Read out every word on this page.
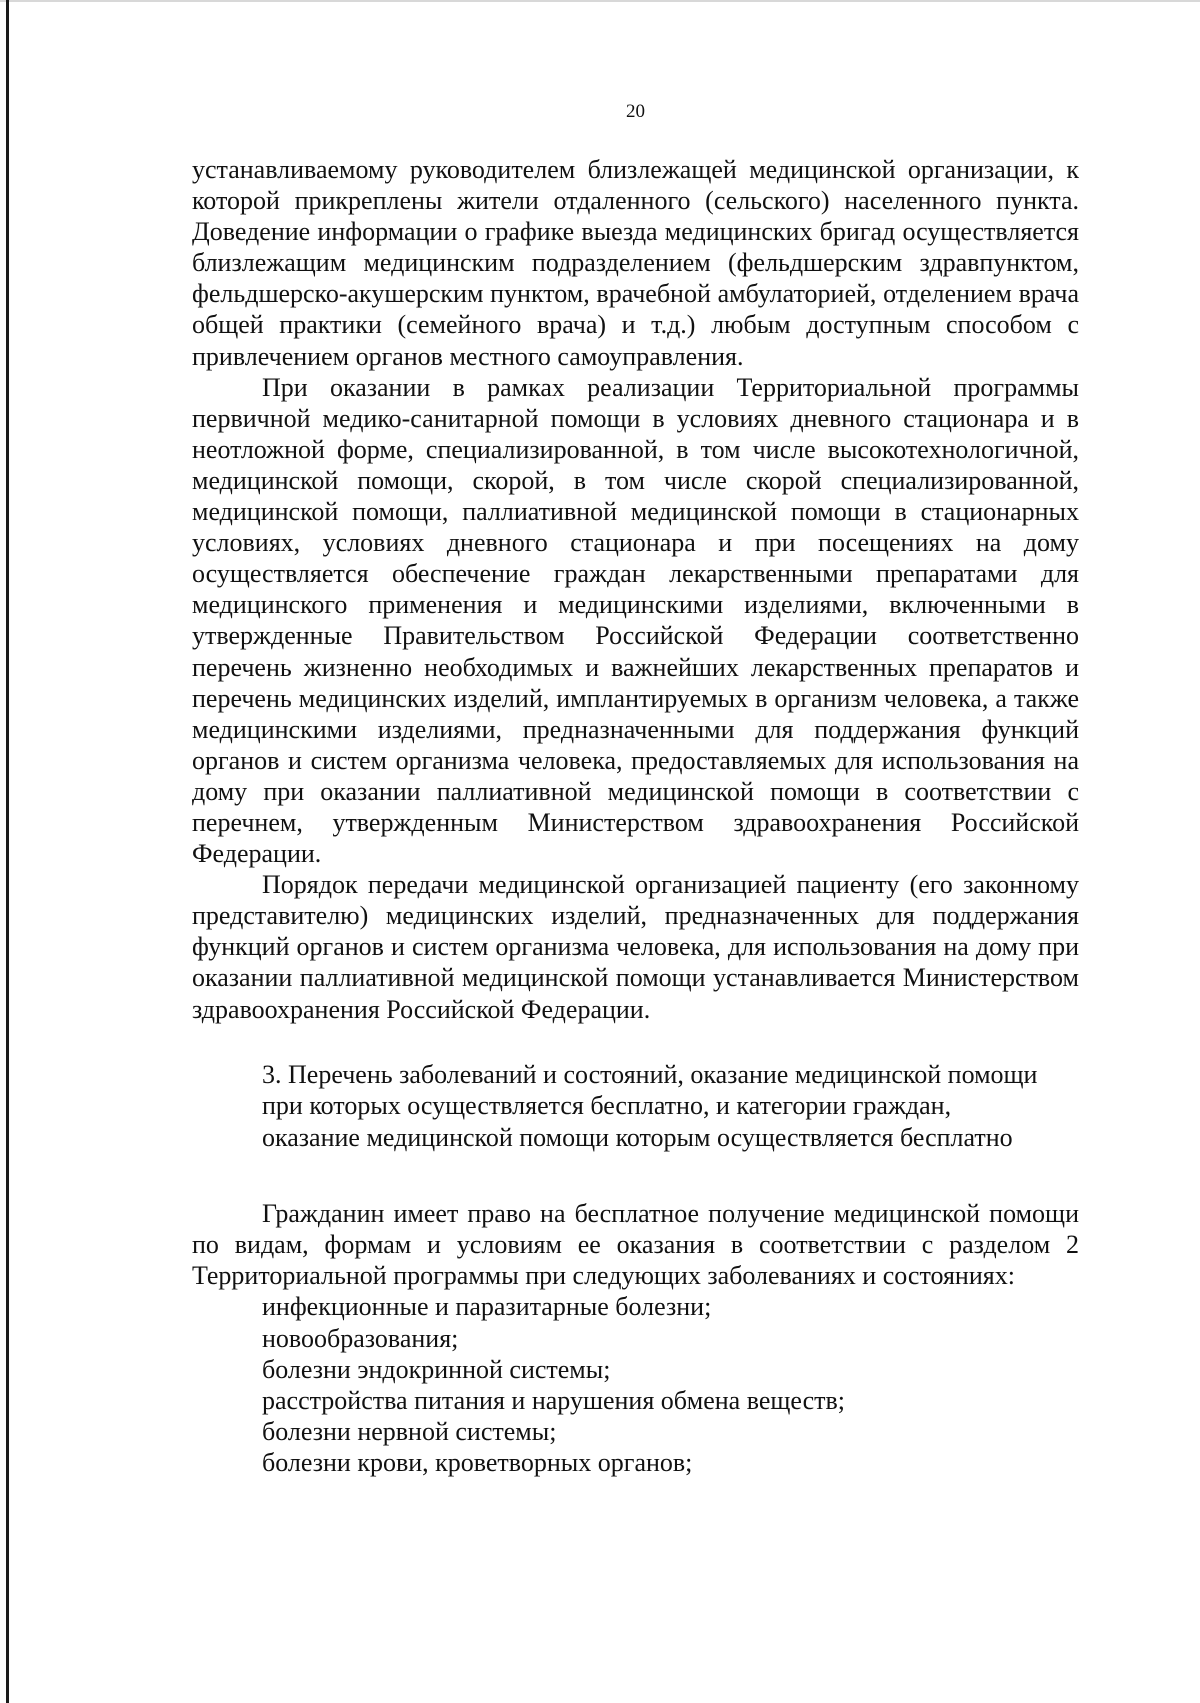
20

устанавливаемому руководителем близлежащей медицинской организации, к которой прикреплены жители отдаленного (сельского) населенного пункта. Доведение информации о графике выезда медицинских бригад осуществляется близлежащим медицинским подразделением (фельдшерским здравпунктом, фельдшерско-акушерским пунктом, врачебной амбулаторией, отделением врача общей практики (семейного врача) и т.д.) любым доступным способом с привлечением органов местного самоуправления.

При оказании в рамках реализации Территориальной программы первичной медико-санитарной помощи в условиях дневного стационара и в неотложной форме, специализированной, в том числе высокотехнологичной, медицинской помощи, скорой, в том числе скорой специализированной, медицинской помощи, паллиативной медицинской помощи в стационарных условиях, условиях дневного стационара и при посещениях на дому осуществляется обеспечение граждан лекарственными препаратами для медицинского применения и медицинскими изделиями, включенными в утвержденные Правительством Российской Федерации соответственно перечень жизненно необходимых и важнейших лекарственных препаратов и перечень медицинских изделий, имплантируемых в организм человека, а также медицинскими изделиями, предназначенными для поддержания функций органов и систем организма человека, предоставляемых для использования на дому при оказании паллиативной медицинской помощи в соответствии с перечнем, утвержденным Министерством здравоохранения Российской Федерации.

Порядок передачи медицинской организацией пациенту (его законному представителю) медицинских изделий, предназначенных для поддержания функций органов и систем организма человека, для использования на дому при оказании паллиативной медицинской помощи устанавливается Министерством здравоохранения Российской Федерации.

3. Перечень заболеваний и состояний, оказание медицинской помощи
при которых осуществляется бесплатно, и категории граждан,
оказание медицинской помощи которым осуществляется бесплатно

Гражданин имеет право на бесплатное получение медицинской помощи по видам, формам и условиям ее оказания в соответствии с разделом 2 Территориальной программы при следующих заболеваниях и состояниях:

инфекционные и паразитарные болезни;
новообразования;
болезни эндокринной системы;
расстройства питания и нарушения обмена веществ;
болезни нервной системы;
болезни крови, кроветворных органов;
